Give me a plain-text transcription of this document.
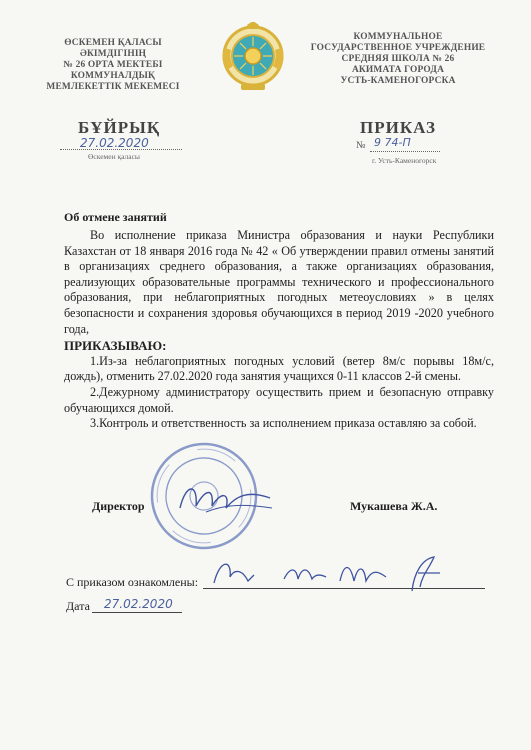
ӨСКЕМЕН ҚАЛАСЫ
ӘКІМДІГІНІҢ
№ 26 ОРТА МЕКТЕБІ
КОММУНАЛДЫҚ
МЕМЛЕКЕТТІК МЕКЕМЕСІ
КОММУНАЛЬНОЕ
ГОСУДАРСТВЕННОЕ УЧРЕЖДЕНИЕ
СРЕДНЯЯ ШКОЛА № 26
АКИМАТА ГОРОДА
УСТЬ-КАМЕНОГОРСКА
БҰЙРЫҚ	ПРИКАЗ
27.02.2020
Өскемен қаласы
№ 9 74-П
г. Усть-Каменогорск
Об отмене занятий

Во исполнение приказа Министра образования и науки Республики Казахстан от 18 января 2016 года № 42 « Об утверждении правил отмены занятий в организациях среднего образования, а также организациях образования, реализующих образовательные программы технического и профессионального образования, при неблагоприятных погодных метеоусловиях » в целях безопасности и сохранения здоровья обучающихся в период 2019 -2020 учебного года,

ПРИКАЗЫВАЮ:

1.Из-за неблагоприятных погодных условий (ветер 8м/с порывы 18м/с, дождь), отменить 27.02.2020 года занятия учащихся 0-11 классов 2-й смены.

2.Дежурному администратору осуществить прием и безопасную отправку обучающихся домой.

3.Контроль и ответственность за исполнением приказа оставляю за собой.

Директор	Мукашева Ж.А.
С приказом ознакомлены:
Дата 27.02.2020
